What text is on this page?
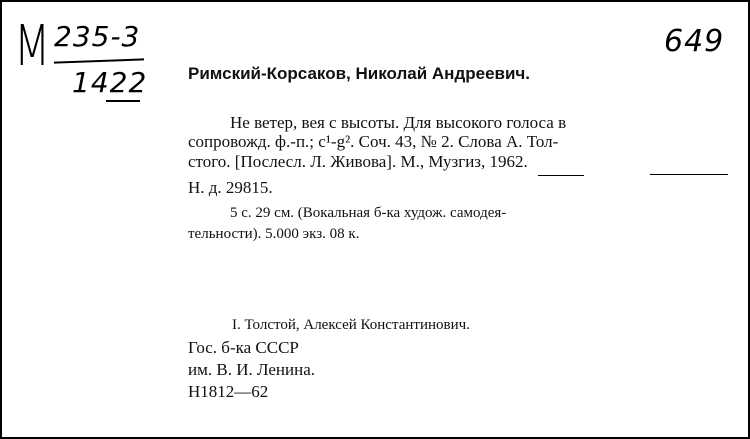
М 235-3
1422
649
Римский-Корсаков, Николай Андреевич.
Не ветер, вея с высоты. Для высокого голоса в
сопровожд. ф.-п.; с¹-g². Соч. 43, № 2. Слова А. Тол-
стого. [Послесл. Л. Живова]. М., Музгиз, 1962.
Н. д. 29815.
5 с. 29 см. (Вокальная б-ка худож. самодея-
тельности). 5.000 экз. 08 к.
I. Толстой, Алексей Константинович.
Гос. б-ка СССР
им. В. И. Ленина.
Н1812—62
